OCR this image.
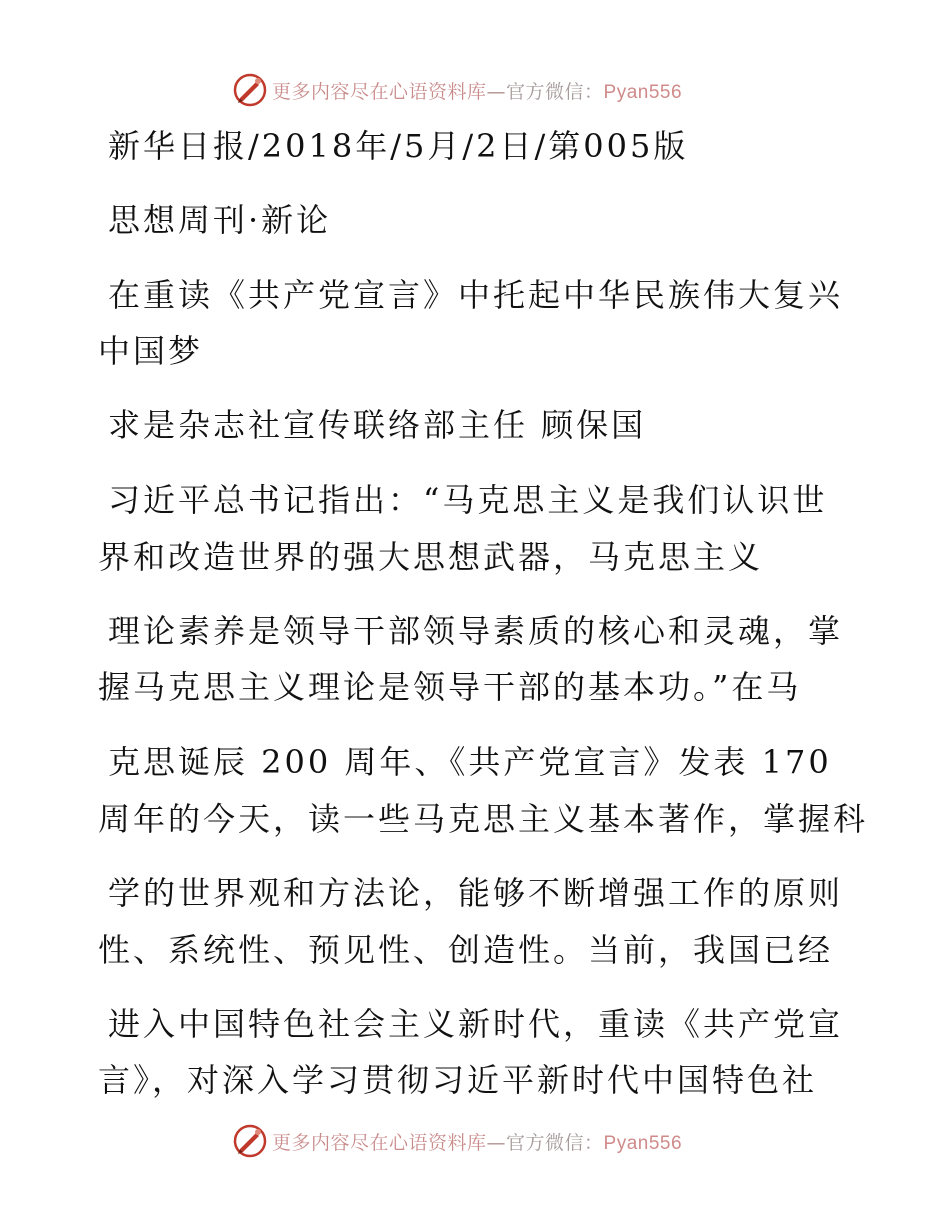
更多内容尽在心语资料库—官方微信：Pyan556
新华日报/2018年/5月/2日/第005版
思想周刊·新论
在重读《共产党宣言》中托起中华民族伟大复兴
中国梦
求是杂志社宣传联络部主任 顾保国
习近平总书记指出：“马克思主义是我们认识世
界和改造世界的强大思想武器，马克思主义
理论素养是领导干部领导素质的核心和灵魂，掌
握马克思主义理论是领导干部的基本功。”在马
克思诞辰 200 周年、《共产党宣言》发表 170
周年的今天，读一些马克思主义基本著作，掌握科
学的世界观和方法论，能够不断增强工作的原则
性、系统性、预见性、创造性。当前，我国已经
进入中国特色社会主义新时代，重读《共产党宣
言》，对深入学习贯彻习近平新时代中国特色社
更多内容尽在心语资料库—官方微信：Pyan556
